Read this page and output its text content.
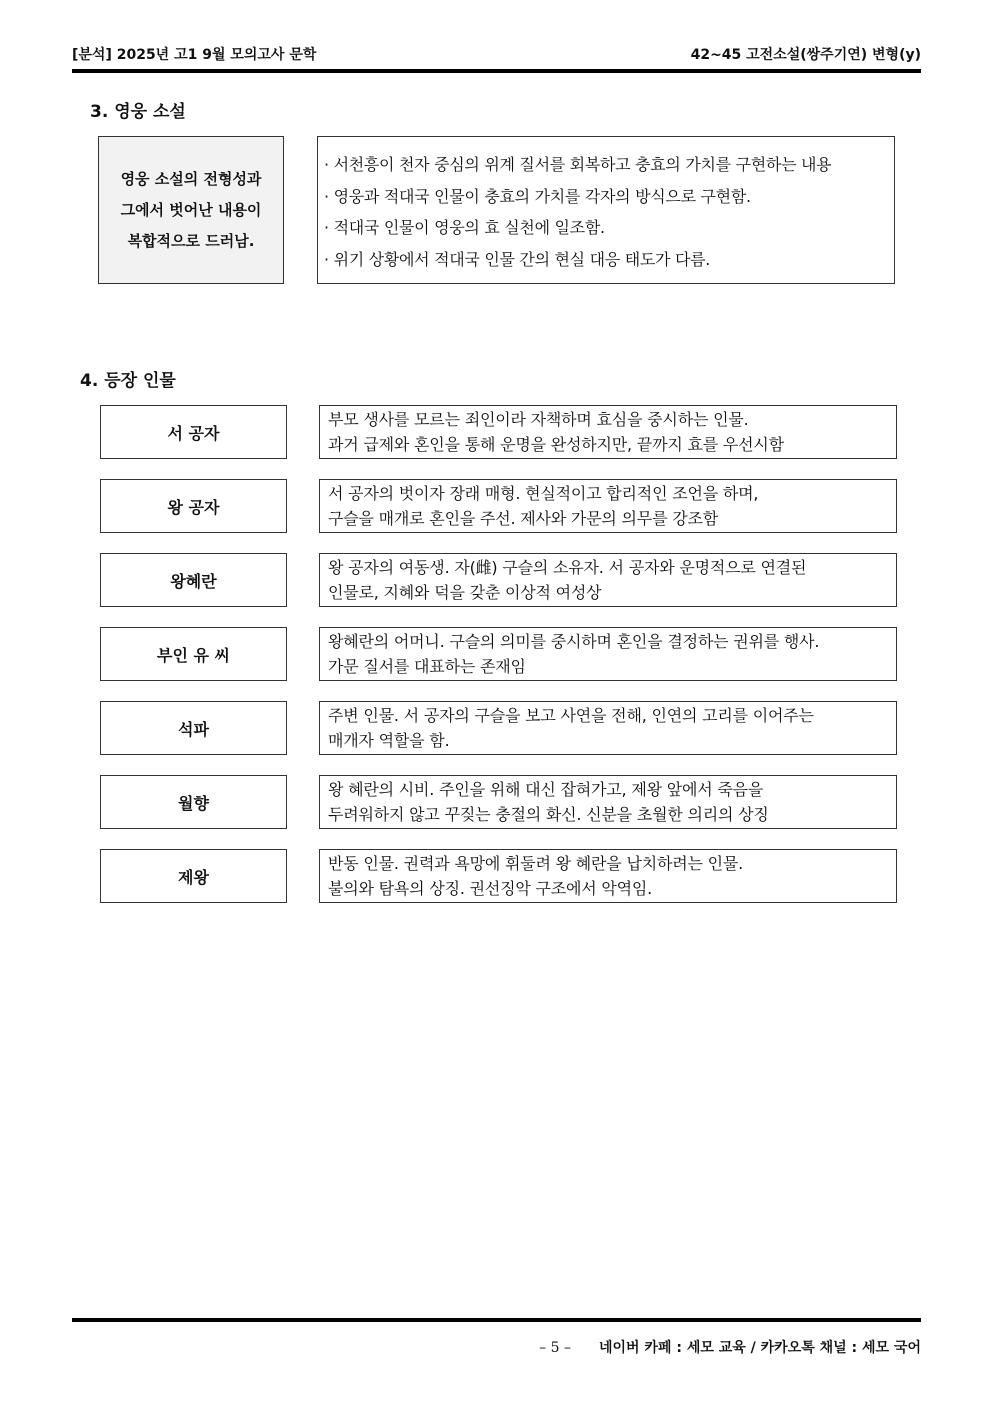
[분석] 2025년 고1 9월 모의고사 문학	42~45 고전소설(쌍주기연) 변형(y)
3. 영웅 소설

영웅 소설의 전형성과
그에서 벗어난 내용이
복합적으로 드러남.

· 서천흥이 천자 중심의 위계 질서를 회복하고 충효의 가치를 구현하는 내용
· 영웅과 적대국 인물이 충효의 가치를 각자의 방식으로 구현함.
· 적대국 인물이 영웅의 효 실천에 일조함.
· 위기 상황에서 적대국 인물 간의 현실 대응 태도가 다름.
4. 등장 인물
서 공자
부모 생사를 모르는 죄인이라 자책하며 효심을 중시하는 인물.
과거 급제와 혼인을 통해 운명을 완성하지만, 끝까지 효를 우선시함
왕 공자
서 공자의 벗이자 장래 매형. 현실적이고 합리적인 조언을 하며,
구슬을 매개로 혼인을 주선. 제사와 가문의 의무를 강조함
왕혜란
왕 공자의 여동생. 자(雌) 구슬의 소유자. 서 공자와 운명적으로 연결된
인물로, 지혜와 덕을 갖춘 이상적 여성상
부인 유 씨
왕혜란의 어머니. 구슬의 의미를 중시하며 혼인을 결정하는 권위를 행사.
가문 질서를 대표하는 존재임
석파
주변 인물. 서 공자의 구슬을 보고 사연을 전해, 인연의 고리를 이어주는
매개자 역할을 함.
월향
왕 혜란의 시비. 주인을 위해 대신 잡혀가고, 제왕 앞에서 죽음을
두려워하지 않고 꾸짖는 충절의 화신. 신분을 초월한 의리의 상징
제왕
반동 인물. 권력과 욕망에 휘둘려 왕 혜란을 납치하려는 인물.
불의와 탐욕의 상징. 권선징악 구조에서 악역임.
– 5 – 네이버 카페 : 세모 교육 / 카카오톡 채널 : 세모 국어
